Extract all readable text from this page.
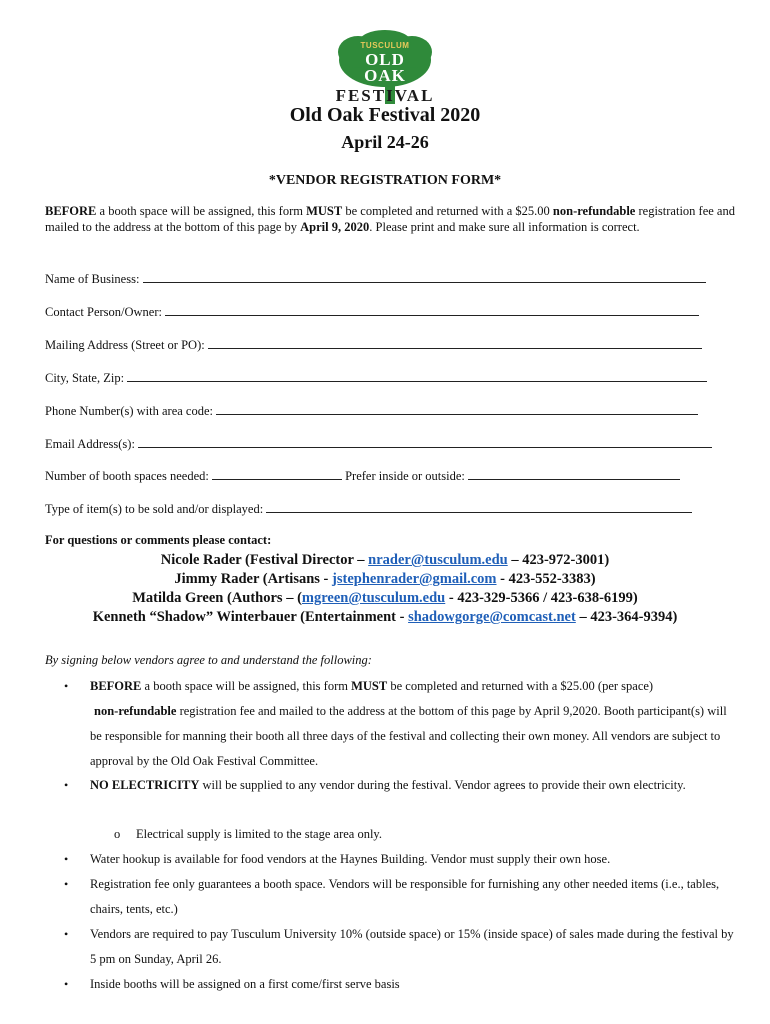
TUSCULUM
OLD
OAK
FESTIVAL
Old Oak Festival 2020
April 24-26
*VENDOR REGISTRATION FORM*
BEFORE a booth space will be assigned, this form MUST be completed and returned with a $25.00 non-refundable registration fee and mailed to the address at the bottom of this page by April 9, 2020. Please print and make sure all information is correct.
Name of Business:
Contact Person/Owner:
Mailing Address (Street or PO):
City, State, Zip:
Phone Number(s) with area code:
Email Address(s):
Number of booth spaces needed:	Prefer inside or outside:
Type of item(s) to be sold and/or displayed:
For questions or comments please contact:
Nicole Rader (Festival Director – nrader@tusculum.edu – 423-972-3001)
Jimmy Rader (Artisans - jstephenrader@gmail.com - 423-552-3383)
Matilda Green (Authors – (mgreen@tusculum.edu - 423-329-5366 / 423-638-6199)
Kenneth “Shadow” Winterbauer (Entertainment - shadowgorge@comcast.net – 423-364-9394)
By signing below vendors agree to and understand the following:
• BEFORE a booth space will be assigned, this form MUST be completed and returned with a $25.00 (per space)
non-refundable registration fee and mailed to the address at the bottom of this page by April 9,2020. Booth participant(s) will be responsible for manning their booth all three days of the festival and collecting their own money. All vendors are subject to approval by the Old Oak Festival Committee.
• NO ELECTRICITY will be supplied to any vendor during the festival. Vendor agrees to provide their own electricity.
o Electrical supply is limited to the stage area only.
• Water hookup is available for food vendors at the Haynes Building. Vendor must supply their own hose.
• Registration fee only guarantees a booth space. Vendors will be responsible for furnishing any other needed items (i.e., tables, chairs, tents, etc.)
• Vendors are required to pay Tusculum University 10% (outside space) or 15% (inside space) of sales made during the festival by 5 pm on Sunday, April 26.
• Inside booths will be assigned on a first come/first serve basis
